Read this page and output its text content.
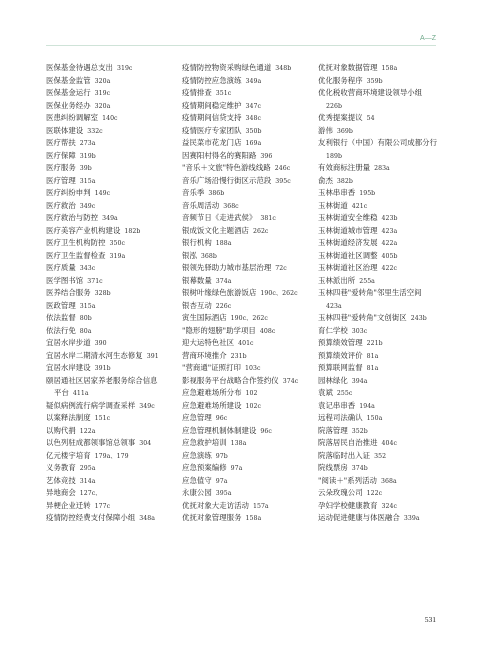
A—Z
医保基金待遇总支出 319c
医保基金监管 320a
医保基金运行 319c
医保业务经办 320a
医患纠纷调解室 140c
医联体建设 332c
医疗帮扶 273a
医疗保障 319b
医疗服务 39b
医疗管理 315a
医疗纠纷申判 149c
医疗救治 349c
医疗救治与防控 349a
医疗美容产业机构建设 182b
医疗卫生机构防控 350c
医疗卫生监督检查 319a
医疗质量 343c
医学图书馆 371c
医养结合服务 328b
医政管理 315a
依法监督 80b
依法行免 80a
宜居水岸步道 390
宜居水岸二期清水河生态修复 391
宜居水岸建设 391b
颐居通社区居家养老服务综合信息
平台 411a
疑似病例流行病学调查采样 349c
以案释法制度 151c
以购代捐 122a
以色列驻成都领事馆总领事 304
亿元楼宇培育 179a、179
义务教育 295a
艺体竞技 314a
异地商会 127c、
异梗企业迁转 177c
疫情防控经费支付保障小组 348a
疫情防控物资采购绿色通道 348b
疫情防控应急演练 349a
疫情排查 351c
疫情期间稳定维护 347c
疫情期间信贷支持 348c
疫情医疗专家团队 350b
益民菜市花龙门店 169a
因赛阳村得名的赛阳路 396
"音乐＋文旅"特色游线线路 246c
音乐广场沿慢行街区示范段 395c
音乐季 386b
音乐周活动 368c
音频节日《走进武侯》 381c
银成饭文化主题酒店 262c
银行机构 188a
银泓 368b
银领先驿助力城市基层治理 72c
银幕数量 374a
银树叶缘绿色旅游饭店 190c、262c
银杏互动 226c
寅生国际酒店 190c、262c
"隐形的翅膀"助学项目 408c
迎大运特色社区 401c
营商环境推介 231b
"营商通"证照打印 103c
影视服务平台战略合作签约仪 374c
应急避难场所分布 102
应急避难场所建设 102c
应急管理 96c
应急管理机制体制建设 96c
应急救护培训 138a
应急演练 97b
应急预案编修 97a
应急值守 97a
永康公园 395a
优抚对象大走访活动 157a
优抚对象管理服务 158a
优抚对象数据管理 158a
优化服务程序 359b
优化税收营商环境建设领导小组
226b
优秀提案提议 54
游伟 369b
友利银行（中国）有限公司成都分行
189b
有效商标注册量 283a
俞杰 382b
玉林串串香 195b
玉林街道 421c
玉林街道安全维稳 423b
玉林街道城市管理 423a
玉林街道经济发展 422a
玉林街道社区调整 405b
玉林街道社区治理 422c
玉林派出所 255a
玉林四巷"爱转角"邻里生活空间
423a
玉林四巷"爱转角"文创街区 243b
育仁学校 303c
预算绩效管理 221b
预算绩效评价 81a
预算联网监督 81a
园林绿化 394a
袁斌 255c
袁记串串香 194a
远程司法确认 150a
院落管理 352b
院落居民自治推进 404c
院落临时出入证 352
院线票房 374b
"阅读＋"系列活动 368a
云朵玫瑰公司 122c
孕妇学校健康教育 324c
运动促进健康与体医融合 339a
531
